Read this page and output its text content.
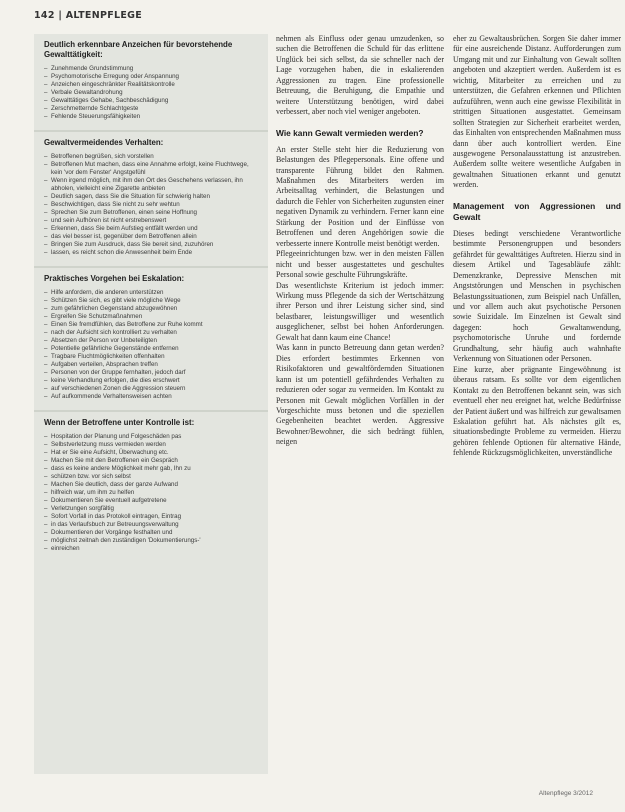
142 | ALTENPFLEGE
Deutlich erkennbare Anzeichen für bevorstehende Gewalttätigkeit:
– Zunehmende Grundstimmung
– Psychomotorische Erregung oder Anspannung
– Anzeichen eingeschränkter Realitätskontrolle
– Verbale Gewaltandrohung
– Gewalttätiges Gehabe, Sachbeschädigung
– Zerschmetternde Schlachtgeste
– Fehlende Steuerungsfähigkeiten
Gewaltvermeidendes Verhalten:
– Betroffenen begrüßen, sich vorstellen
– Betroffenen Mut machen, dass eine Annahme erfolgt, keine Fluchtwege, kein 'vor dem Fenster' Angstgefühl
– Wenn irgend möglich, mit ihm den Ort des Geschehens verlassen, ihn abholen, vielleicht eine Zigarette anbieten
– Deutlich sagen, dass Sie die Situation für schwierig halten
– Beschwichtigen, dass Sie nicht zu sehr wehtun
– Sprechen Sie zum Betroffenen, einen seine Hoffnung
– und sein Aufhören ist nicht erstrebenswert
– Erkennen, dass Sie beim Aufstieg entfällt werden und
– das viel besser ist, gegenüber dem Betroffenen allein
– Bringen Sie zum Ausdruck, dass Sie bereit sind, zuzuhören
– lassen, es reicht schon die Anwesenheit beim Ende
Praktisches Vorgehen bei Eskalation:
– Hilfe anfordern, die anderen unterstützen
– Schützen Sie sich, es gibt viele mögliche Wege
– zum gefährlichen Gegenstand abzugewöhnen
– Ergreifen Sie Schutzmaßnahmen
– Einen Sie fremdfühlen, das Betroffene zur Ruhe kommt
– nach der Aufsicht sich kontrolliert zu verhalten
– Absetzen der Person vor Unbeteiligten
– Potentielle gefährliche Gegenstände entfernen
– Tragbare Fluchtmöglichkeiten offenhalten
– Aufgaben verteilen, Absprachen treffen
– Personen von der Gruppe fernhalten, jedoch darf
– keine Verhandlung erfolgen, die dies erschwert
– auf verschiedenen Zonen die Aggression steuern
– Auf aufkommende Verhaltensweisen achten
Wenn der Betroffene unter Kontrolle ist:
– Hospitation der Planung und Folgeschäden pas
– Selbstverletzung muss vermieden werden
– Hat er Sie eine Aufsicht, Überwachung etc.
– Machen Sie mit den Betroffenen ein Gespräch
– dass es keine andere Möglichkeit mehr gab, Ihn zu
– schützen bzw. vor sich selbst
– Machen Sie deutlich, dass der ganze Aufwand
– hilfreich war, um ihm zu helfen
– Dokumentieren Sie eventuell aufgetretene
– Verletzungen sorgfältig
– Sofort Vorfall in das Protokoll eintragen, Eintrag
– in das Verlaufsbuch zur Betreuungsverwaltung
– Dokumentieren der Vorgänge festhalten und
– möglichst zeitnah den zuständigen 'Dokumentierungs-'
– einreichen

nehmen als Einfluss oder genau umzudenken, so suchen die Betroffenen die Schuld für das erlittene Unglück bei sich selbst, da sie schneller nach der Lage vorzugehen haben, die in eskalierenden Aggressionen zu tragen. Eine professionelle Betreuung, die Beruhigung, die Empathie und weitere Unterstützung benötigen, wird dabei verbessert, aber noch viel weniger angeboten.

Wie kann Gewalt vermieden werden?

An erster Stelle steht hier die Reduzierung von Belastungen des Pflegepersonals. Eine offene und transparente Führung bildet den Rahmen. Maßnahmen des Mitarbeiters werden im Arbeitsalltag verhindert, die Belastungen und dadurch die Fehler von Sicherheiten zugunsten einer negativen Dynamik zu verhindern. Ferner kann eine Stärkung der Position und der Einflüsse von Betroffenen und deren Angehörigen sowie die verbesserte innere Kontrolle meist benötigt werden.

Pflegeeinrichtungen bzw. wer in den meisten Fällen nicht und besser ausgestattetes und geschultes Personal sowie geschulte Führungskräfte.

Das wesentlichste Kriterium ist jedoch immer: Wirkung muss Pflegende da sich der Wertschätzung ihrer Person und ihrer Leistung sicher sind, sind belastbarer, leistungswilliger und wesentlich ausgeglichener, selbst bei hohen Anforderungen. Gewalt hat dann kaum eine Chance!

Was kann in puncto Betreuung dann getan werden? Dies erfordert bestimmtes Erkennen von Risikofaktoren und gewaltfördernden Situationen kann ist um potentiell gefährdendes Verhalten zu reduzieren oder sogar zu vermeiden. Im Kontakt zu Personen mit Gewalt möglichen Vorfällen in der Vorgeschichte muss betonen und die speziellen Gegebenheiten beachtet werden. Aggressive Bewohner/Bewohner, die sich bedrängt fühlen, neigen

eher zu Gewaltausbrüchen. Sorgen Sie daher immer für eine ausreichende Distanz. Aufforderungen zum Umgang mit und zur Einhaltung von Gewalt sollten angeboten und akzeptiert werden. Außerdem ist es wichtig, Mitarbeiter zu erreichen und zu unterstützen, die Gefahren erkennen und Pflichten aufzuführen, wenn auch eine gewisse Flexibilität in strittigen Situationen ausgestattet. Gemeinsam sollten Strategien zur Sicherheit erarbeitet werden, das Einhalten von entsprechenden Maßnahmen muss dann über auch kontrolliert werden. Eine ausgewogene Personalausstattung ist anzustreben. Außerdem sollte weitere wesentliche Aufgaben in gewaltnahen Situationen erkannt und genutzt werden.

Management von Aggressionen und Gewalt

Dieses bedingt verschiedene Verantwortliche bestimmte Personengruppen und besonders gefährdet für gewalttätiges Auftreten. Hierzu sind in diesem Artikel und Tagesabläufe zählt: Demenzkranke, Depressive Menschen mit Angststörungen und Menschen in psychischen Belastungssituationen, zum Beispiel nach Unfällen, und vor allem auch akut psychotische Personen sowie Suizidale. Im Einzelnen ist Gewalt sind dagegen: hoch Gewaltanwendung, psychomotorische Unruhe und fordernde Grundhaltung, sehr häufig auch wahnhafte Verkennung von Situationen oder Personen.

Eine kurze, aber prägnante Eingewöhnung ist überaus ratsam. Es sollte vor dem eigentlichen Kontakt zu den Betroffenen bekannt sein, was sich eventuell eher neu ereignet hat, welche Bedürfnisse der Patient äußert und was hilfreich zur gewaltsamen Eskalation geführt hat. Als nächstes gilt es, situationsbedingte Probleme zu vermeiden. Hierzu gehören fehlende Optionen für alternative Hände, fehlende Rückzugsmöglichkeiten, unverständliche

Altenpflege 3/2012
